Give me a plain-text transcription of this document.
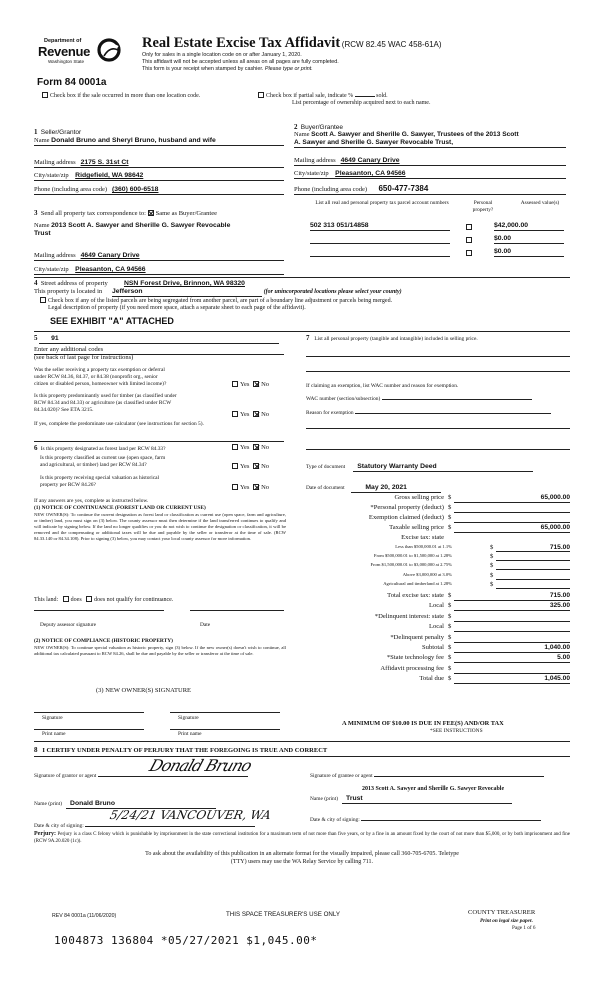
Department of
Revenue
Washington State
Real Estate Excise Tax Affidavit (RCW 82.45 WAC 458-61A)
Only for sales in a single location code on or after January 1, 2020.
This affidavit will not be accepted unless all areas on all pages are fully completed.
This form is your receipt when stamped by cashier. Please type or print.
Form 84 0001a
Check box if the sale occurred in more than one location code.	Check box if partial sale, indicate %	sold.
List percentage of ownership acquired next to each name.
1 Seller/Grantor
Name Donald Bruno and Sheryl Bruno, husband and wife
Mailing address 2175 S. 31st Ct
City/state/zip Ridgefield, WA 98642
Phone (including area code) (360) 600-6518
2 Buyer/Grantee
Name Scott A. Sawyer and Sherille G. Sawyer, Trustees of the 2013 Scott
A. Sawyer and Sherille G. Sawyer Revocable Trust,
Mailing address 4649 Canary Drive
City/state/zip Pleasanton, CA 94566
Phone (including area code) 650-477-7384
3 Send all property tax correspondence to: Same as Buyer/Grantee
Name 2013 Scott A. Sawyer and Sherille G. Sawyer Revocable
Trust
Mailing address 4649 Canary Drive
City/state/zip Pleasanton, CA 94566
List all real and personal property tax parcel account numbers	Personal property?
Assessed value(s)
502 313 051/14858	$42,000.00
$0.00
$0.00
4 Street address of property NSN Forest Drive, Brinnon, WA 98320
This property is located in Jefferson	(for unincorporated locations please select your county)
Check box if any of the listed parcels are being segregated from another parcel, are part of a boundary line adjustment or parcels being merged.
Legal description of property (if you need more space, attach a separate sheet to each page of the affidavit).
SEE EXHIBIT "A" ATTACHED
5 91
Enter any additional codes
(see back of last page for instructions)
Was the seller receiving a property tax exemption or deferral
under RCW 84.36, 84.37, or 84.38 (nonprofit org., senior
citizen or disabled person, homeowner with limited income)?	Yes No
Is this property predominantly used for timber (as classified under
RCW 84.34 and 84.33) or agriculture (as classified under RCW
84.34.020)? See ETA 3215.
Yes No
If yes, complete the predominate use calculator (see instructions for section 5).
6 Is this property designated as forest land per RCW 84.33?	Yes No
Is this property classified as current use (open space, farm
and agricultural, or timber) land per RCW 84.34?	Yes No
Is this property receiving special valuation as historical
property per RCW 84.26?	Yes No
If any answers are yes, complete as instructed below.
(1) NOTICE OF CONTINUANCE (FOREST LAND OR CURRENT USE)
NEW OWNER(S): To continue the current designation as forest land or classification as current use (open space, farm and agriculture, or timber) land, you must sign on (3) below. The county assessor must then determine if the land transferred continues to qualify and will indicate by signing below. If the land no longer qualifies or you do not wish to continue the designation or classification, it will be removed and the compensating or additional taxes will be due and payable by the seller or transferor at the time of sale. (RCW 84.33.140 or 84.34.108). Prior to signing (3) below, you may contact your local county assessor for more information.
This land: does does not qualify for continuance.
Deputy assessor signature	Date
(2) NOTICE OF COMPLIANCE (HISTORIC PROPERTY)
NEW OWNER(S): To continue special valuation as historic property, sign (3) below. If the new owner(s) doesn't wish to continue, all additional tax calculated pursuant to RCW 84.26, shall be due and payable by the seller or transferor at the time of sale.
(3) NEW OWNER(S) SIGNATURE
Signature	Signature
Print name	Print name
7 List all personal property (tangible and intangible) included in selling price.
If claiming an exemption, list WAC number and reason for exemption.
WAC number (section/subsection)
Reason for exemption
Type of document Statutory Warranty Deed
Date of document	May 20, 2021
Gross selling price $	65,000.00
*Personal property (deduct) $
Exemption claimed (deduct) $
Taxable selling price $	65,000.00
Excise tax: state
Less than $500,000.01 at 1.1%	$	715.00
From $500,000.01 to $1,500,000 at 1.28%	$
From $1,500,000.01 to $3,000,000 at 2.75%	$
Above $3,000,000 at 3.0%	$
Agricultural and timberland at 1.28%	$
Total excise tax: state $	715.00
Local $	325.00
*Delinquent interest: state $
Local $
*Delinquent penalty $
Subtotal $	1,040.00
*State technology fee $	5.00
Affidavit processing fee $
Total due $	1,045.00
A MINIMUM OF $10.00 IS DUE IN FEE(S) AND/OR TAX
*SEE INSTRUCTIONS
8 I CERTIFY UNDER PENALTY OF PERJURY THAT THE FOREGOING IS TRUE AND CORRECT
Signature of grantor or agent
Donald Bruno
Signature of grantee or agent
2013 Scott A. Sawyer and Sherille G. Sawyer Revocable
Name (print) Donald Bruno
Name (print) Trust
Date & city of signing:
5/24/21 VANCOUVER, WA	Date & city of signing:
Perjury: Perjury is a class C felony which is punishable by imprisonment in the state correctional institution for a maximum term of not more than five years, or by a fine in an amount fixed by the court of not more than $5,000, or by both imprisonment and fine (RCW 9A.20.020 (1c)).
To ask about the availability of this publication in an alternate format for the visually impaired, please call 360-705-6705. Teletype
(TTY) users may use the WA Relay Service by calling 711.
REV 84 0001a (11/06/2020)	THIS SPACE TREASURER'S USE ONLY	COUNTY TREASURER
Print on legal size paper.
Page 1 of 6
1004873 136804 *05/27/2021 $1,045.00*
